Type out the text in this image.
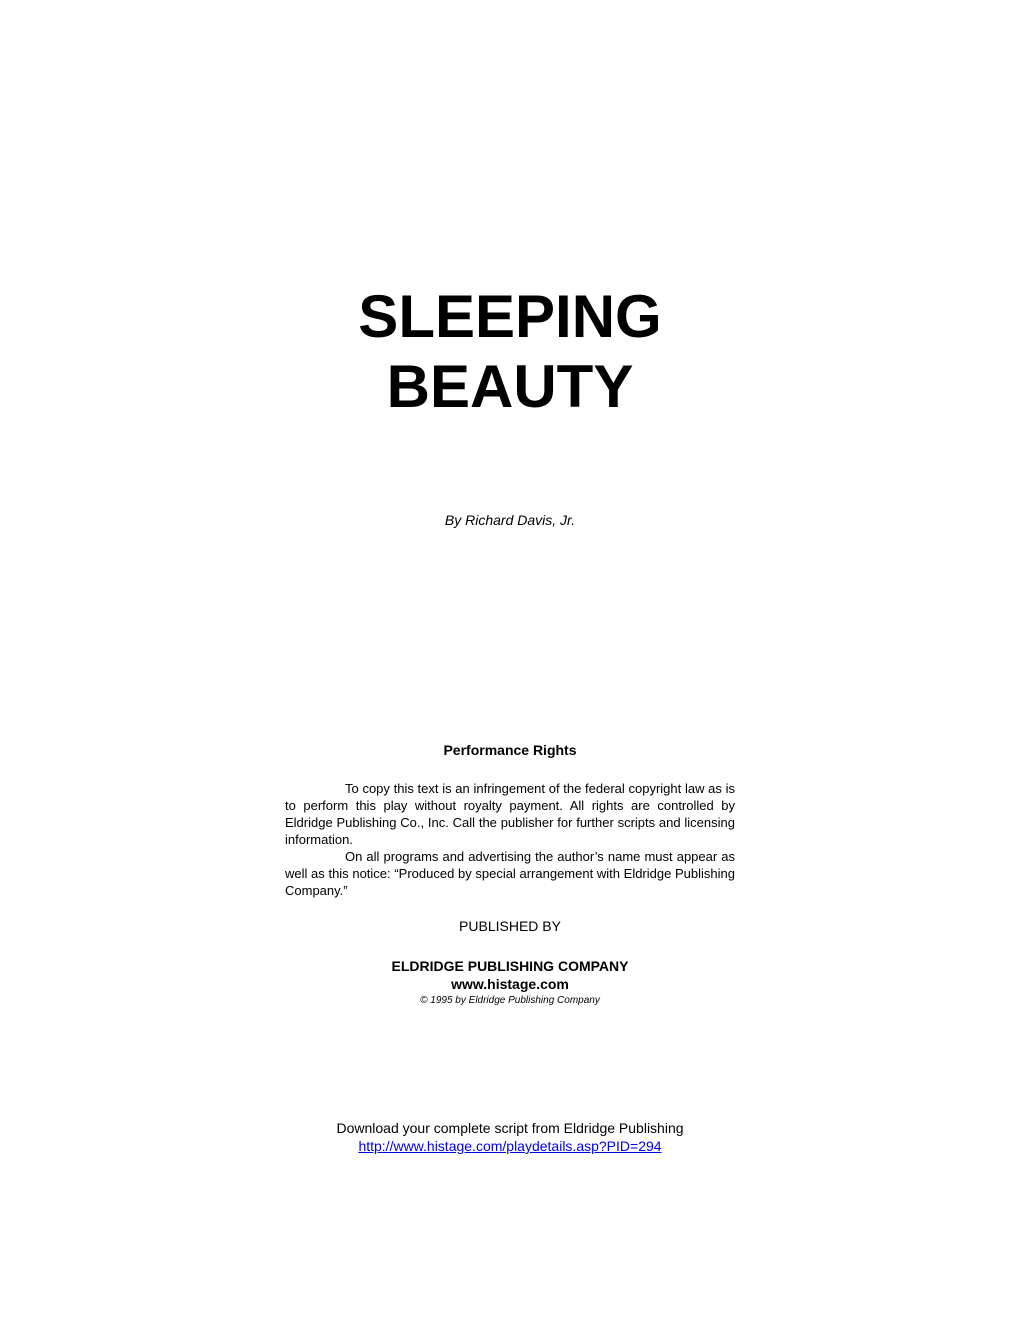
SLEEPING
BEAUTY
By Richard Davis, Jr.
Performance Rights

To copy this text is an infringement of the federal copyright law as is to perform this play without royalty payment. All rights are controlled by Eldridge Publishing Co., Inc. Call the publisher for further scripts and licensing information.

On all programs and advertising the author’s name must appear as well as this notice: “Produced by special arrangement with Eldridge Publishing Company.”

PUBLISHED BY
ELDRIDGE PUBLISHING COMPANY
www.histage.com
© 1995 by Eldridge Publishing Company
Download your complete script from Eldridge Publishing
http://www.histage.com/playdetails.asp?PID=294
